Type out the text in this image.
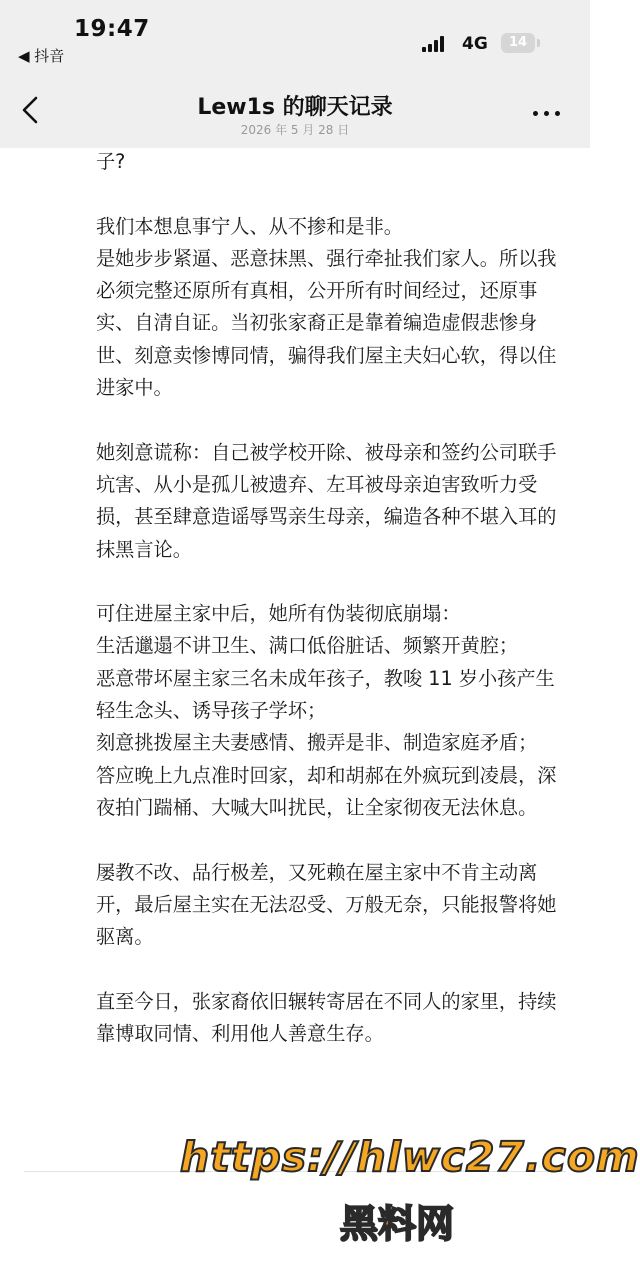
19:47
◀ 抖音
4G	14
Lew1s 的聊天记录
2026 年 5 月 28 日

子?

我们本想息事宁人、从不掺和是非。
是她步步紧逼、恶意抹黑、强行牵扯我们家人。所以我必须完整还原所有真相，公开所有时间经过，还原事实、自清自证。当初张家裔正是靠着编造虚假悲惨身世、刻意卖惨博同情，骗得我们屋主夫妇心软，得以住进家中。

她刻意谎称：自己被学校开除、被母亲和签约公司联手坑害、从小是孤儿被遗弃、左耳被母亲迫害致听力受损，甚至肆意造谣辱骂亲生母亲，编造各种不堪入耳的抹黑言论。

可住进屋主家中后，她所有伪装彻底崩塌：
生活邋遢不讲卫生、满口低俗脏话、频繁开黄腔；
恶意带坏屋主家三名未成年孩子，教唆 11 岁小孩产生轻生念头、诱导孩子学坏；
刻意挑拨屋主夫妻感情、搬弄是非、制造家庭矛盾；
答应晚上九点准时回家，却和胡郝在外疯玩到凌晨，深夜拍门踹桶、大喊大叫扰民，让全家彻夜无法休息。

屡教不改、品行极差，又死赖在屋主家中不肯主动离开，最后屋主实在无法忍受、万般无奈，只能报警将她驱离。

直至今日，张家裔依旧辗转寄居在不同人的家里，持续靠博取同情、利用他人善意生存。

https://hlwc27.com
黑料网
